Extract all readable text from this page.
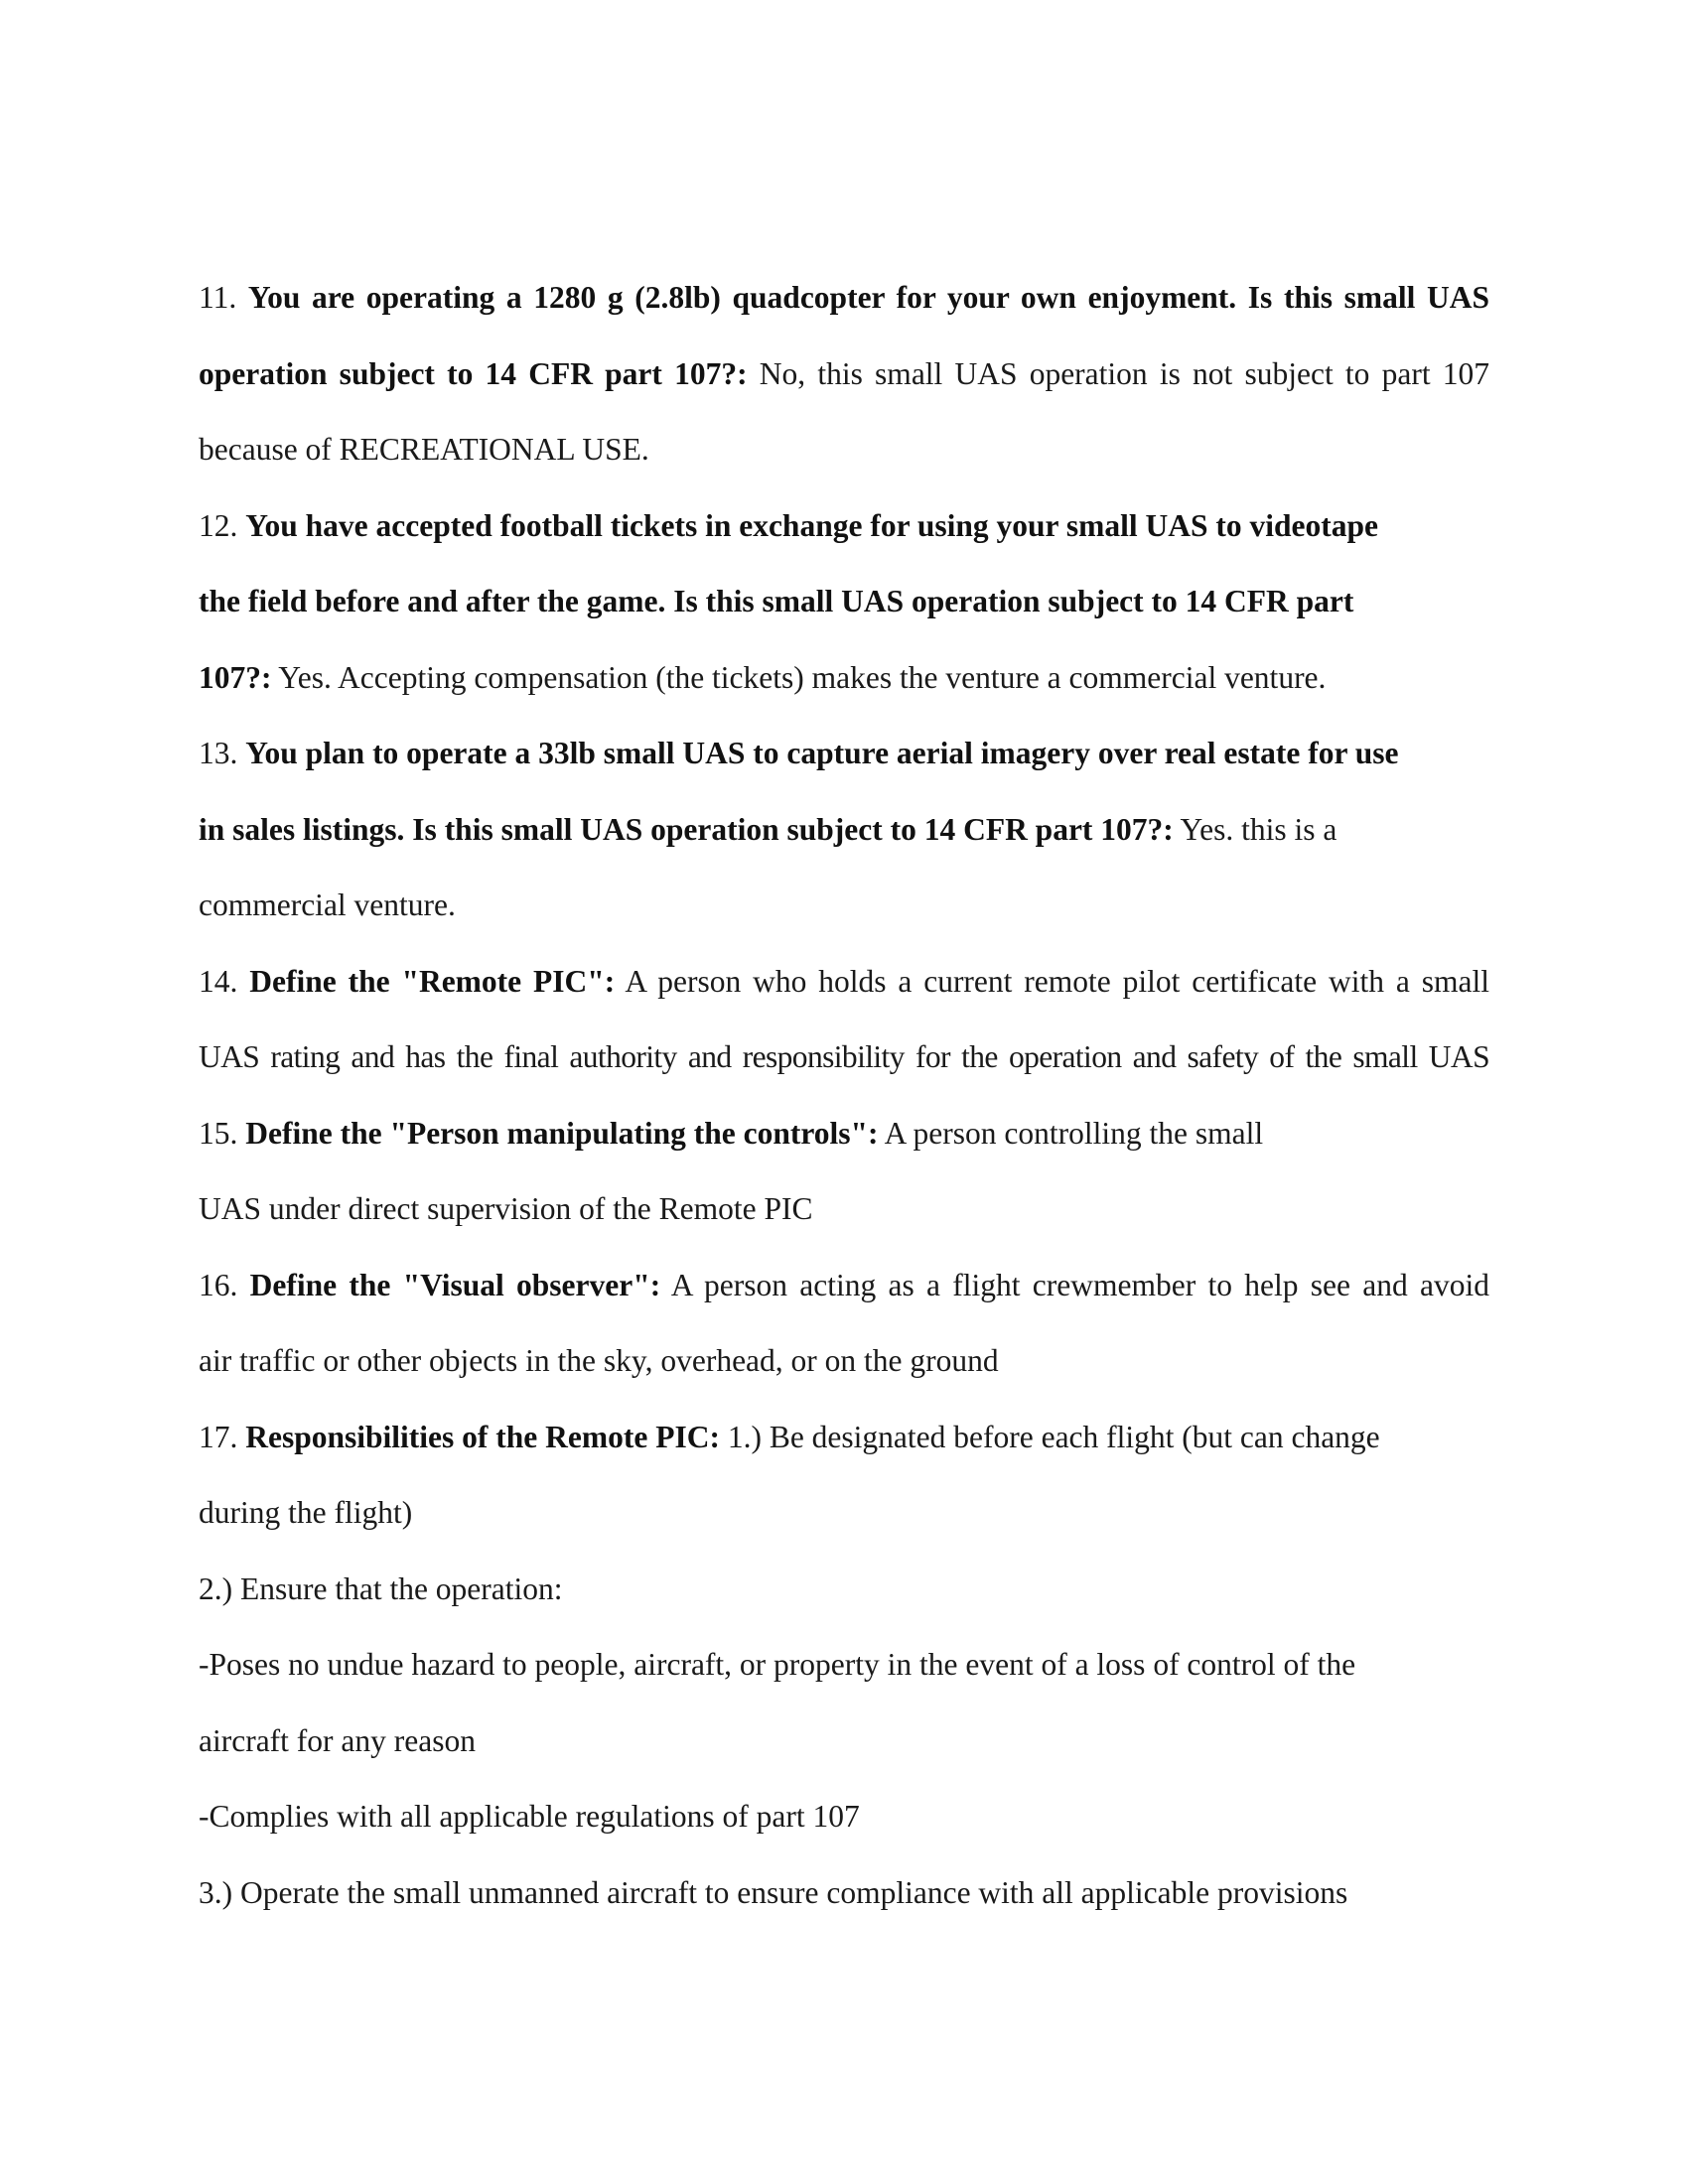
11. You are operating a 1280 g (2.8lb) quadcopter for your own enjoyment. Is this small UAS
operation subject to 14 CFR part 107?: No, this small UAS operation is not subject to part 107
because of RECREATIONAL USE.
12. You have accepted football tickets in exchange for using your small UAS to videotape
the field before and after the game. Is this small UAS operation subject to 14 CFR part
107?: Yes. Accepting compensation (the tickets) makes the venture a commercial venture.
13. You plan to operate a 33lb small UAS to capture aerial imagery over real estate for use
in sales listings. Is this small UAS operation subject to 14 CFR part 107?: Yes. this is a
commercial venture.
14. Define the "Remote PIC": A person who holds a current remote pilot certificate with a small
UAS rating and has the final authority and responsibility for the operation and safety of the small UAS
15. Define the "Person manipulating the controls": A person controlling the small
UAS under direct supervision of the Remote PIC
16. Define the "Visual observer": A person acting as a flight crewmember to help see and avoid
air traffic or other objects in the sky, overhead, or on the ground
17. Responsibilities of the Remote PIC: 1.) Be designated before each flight (but can change
during the flight)
2.) Ensure that the operation:
-Poses no undue hazard to people, aircraft, or property in the event of a loss of control of the
aircraft for any reason
-Complies with all applicable regulations of part 107
3.) Operate the small unmanned aircraft to ensure compliance with all applicable provisions
